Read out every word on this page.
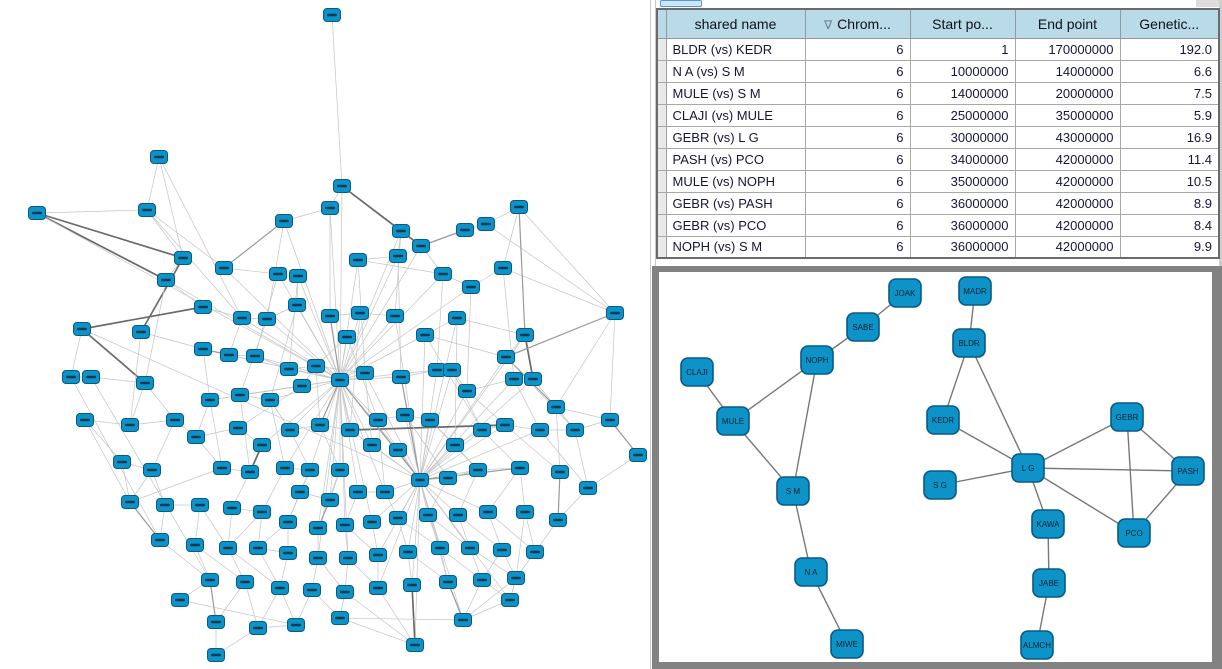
	shared name	∇ Chrom...	Start po...	End point	Genetic...
	BLDR (vs) KEDR	6	1	170000000	192.0
	N A (vs) S M	6	10000000	14000000	6.6
	MULE (vs) S M	6	14000000	20000000	7.5
	CLAJI (vs) MULE	6	25000000	35000000	5.9
	GEBR (vs) L G	6	30000000	43000000	16.9
	PASH (vs) PCO	6	34000000	42000000	11.4
	MULE (vs) NOPH	6	35000000	42000000	10.5
	GEBR (vs) PASH	6	36000000	42000000	8.9
	GEBR (vs) PCO	6	36000000	42000000	8.4
	NOPH (vs) S M	6	36000000	42000000	9.9
JOAK	MADR
SABE
BLDR
NOPH
CLAJI
KEDR	GEBR
MULE
L G
S G
PASH
S M
KAWA
PCO
N A
JABE
MIWE	ALMCH
